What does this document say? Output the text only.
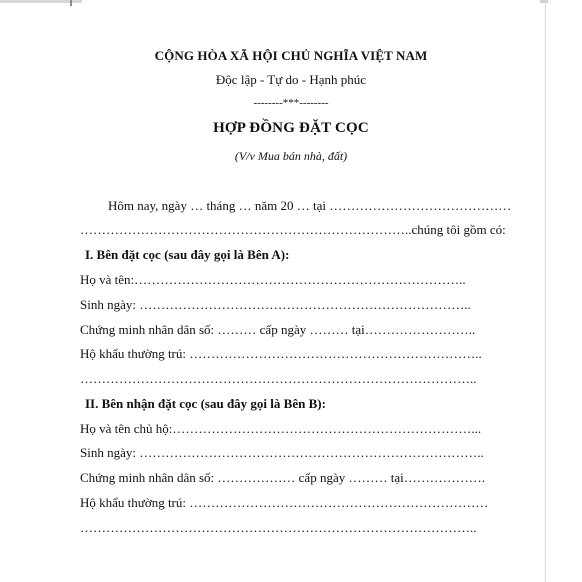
CỘNG HÒA XÃ HỘI CHỦ NGHĨA VIỆT NAM
Độc lập - Tự do - Hạnh phúc
--------***--------
HỢP ĐỒNG ĐẶT CỌC
(V/v Mua bán nhà, đất)
Hôm nay, ngày … tháng … năm 20 … tại ……………………………………
…………………………………………………………………..chúng tôi gồm có:
I. Bên đặt cọc (sau đây gọi là Bên A):
Họ và tên:…………………………………………………………………..
Sinh ngày: …………………………………………………………………..
Chứng minh nhân dân số: ……… cấp ngày ……… tại……………………..
Hộ khẩu thường trú: …………………………………………………………..
………………………………………………………………………………..
II. Bên nhận đặt cọc (sau đây gọi là Bên B):
Họ và tên chủ hộ:……………………………………………………………...
Sinh ngày: ……………………………………………………………………..
Chứng minh nhân dân số: ……………… cấp ngày ……… tại……………….
Hộ khẩu thường trú: ……………………………………………………………
………………………………………………………………………………..
